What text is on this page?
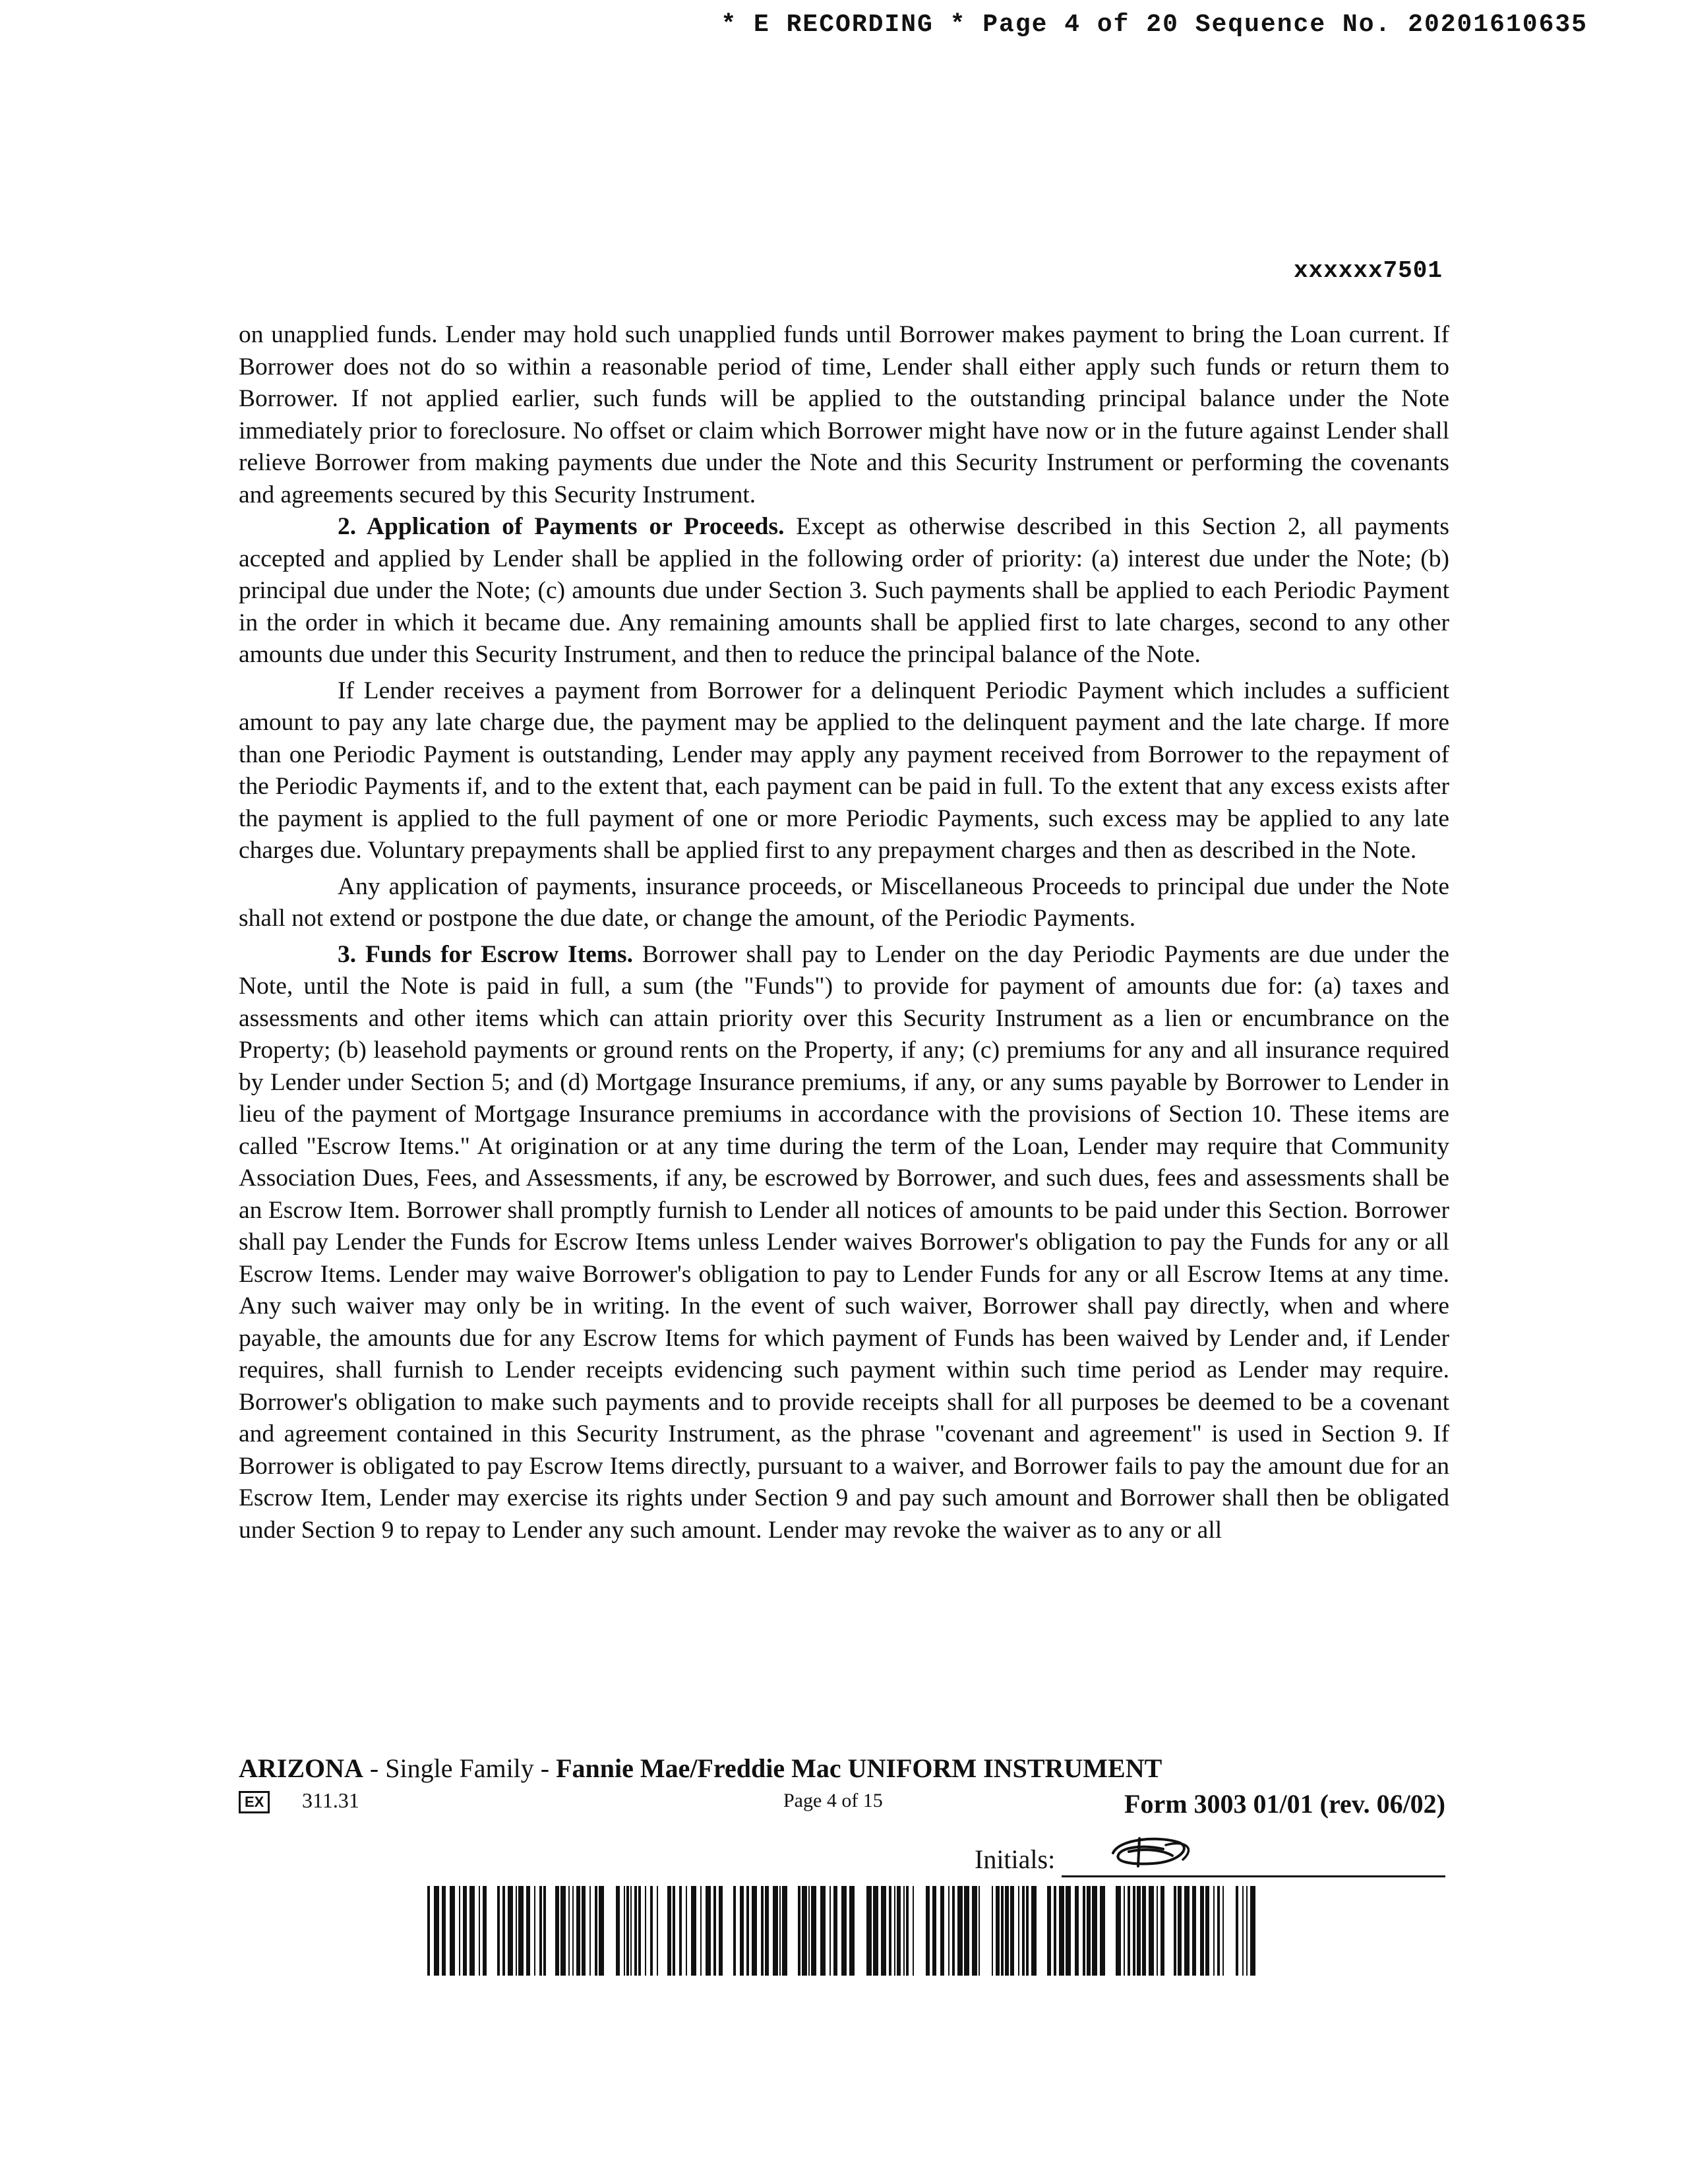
* E RECORDING * Page 4 of 20 Sequence No. 20201610635
xxxxxx7501

on unapplied funds. Lender may hold such unapplied funds until Borrower makes payment to bring the Loan current. If Borrower does not do so within a reasonable period of time, Lender shall either apply such funds or return them to Borrower. If not applied earlier, such funds will be applied to the outstanding principal balance under the Note immediately prior to foreclosure. No offset or claim which Borrower might have now or in the future against Lender shall relieve Borrower from making payments due under the Note and this Security Instrument or performing the covenants and agreements secured by this Security Instrument.

2. Application of Payments or Proceeds. Except as otherwise described in this Section 2, all payments accepted and applied by Lender shall be applied in the following order of priority: (a) interest due under the Note; (b) principal due under the Note; (c) amounts due under Section 3. Such payments shall be applied to each Periodic Payment in the order in which it became due. Any remaining amounts shall be applied first to late charges, second to any other amounts due under this Security Instrument, and then to reduce the principal balance of the Note.

If Lender receives a payment from Borrower for a delinquent Periodic Payment which includes a sufficient amount to pay any late charge due, the payment may be applied to the delinquent payment and the late charge. If more than one Periodic Payment is outstanding, Lender may apply any payment received from Borrower to the repayment of the Periodic Payments if, and to the extent that, each payment can be paid in full. To the extent that any excess exists after the payment is applied to the full payment of one or more Periodic Payments, such excess may be applied to any late charges due. Voluntary prepayments shall be applied first to any prepayment charges and then as described in the Note.

Any application of payments, insurance proceeds, or Miscellaneous Proceeds to principal due under the Note shall not extend or postpone the due date, or change the amount, of the Periodic Payments.

3. Funds for Escrow Items. Borrower shall pay to Lender on the day Periodic Payments are due under the Note, until the Note is paid in full, a sum (the "Funds") to provide for payment of amounts due for: (a) taxes and assessments and other items which can attain priority over this Security Instrument as a lien or encumbrance on the Property; (b) leasehold payments or ground rents on the Property, if any; (c) premiums for any and all insurance required by Lender under Section 5; and (d) Mortgage Insurance premiums, if any, or any sums payable by Borrower to Lender in lieu of the payment of Mortgage Insurance premiums in accordance with the provisions of Section 10. These items are called "Escrow Items." At origination or at any time during the term of the Loan, Lender may require that Community Association Dues, Fees, and Assessments, if any, be escrowed by Borrower, and such dues, fees and assessments shall be an Escrow Item. Borrower shall promptly furnish to Lender all notices of amounts to be paid under this Section. Borrower shall pay Lender the Funds for Escrow Items unless Lender waives Borrower's obligation to pay the Funds for any or all Escrow Items. Lender may waive Borrower's obligation to pay to Lender Funds for any or all Escrow Items at any time. Any such waiver may only be in writing. In the event of such waiver, Borrower shall pay directly, when and where payable, the amounts due for any Escrow Items for which payment of Funds has been waived by Lender and, if Lender requires, shall furnish to Lender receipts evidencing such payment within such time period as Lender may require. Borrower's obligation to make such payments and to provide receipts shall for all purposes be deemed to be a covenant and agreement contained in this Security Instrument, as the phrase "covenant and agreement" is used in Section 9. If Borrower is obligated to pay Escrow Items directly, pursuant to a waiver, and Borrower fails to pay the amount due for an Escrow Item, Lender may exercise its rights under Section 9 and pay such amount and Borrower shall then be obligated under Section 9 to repay to Lender any such amount. Lender may revoke the waiver as to any or all

ARIZONA - Single Family - Fannie Mae/Freddie Mac UNIFORM INSTRUMENT
EX 311.31	Page 4 of 15	Form 3003 01/01 (rev. 06/02)
Initials:
